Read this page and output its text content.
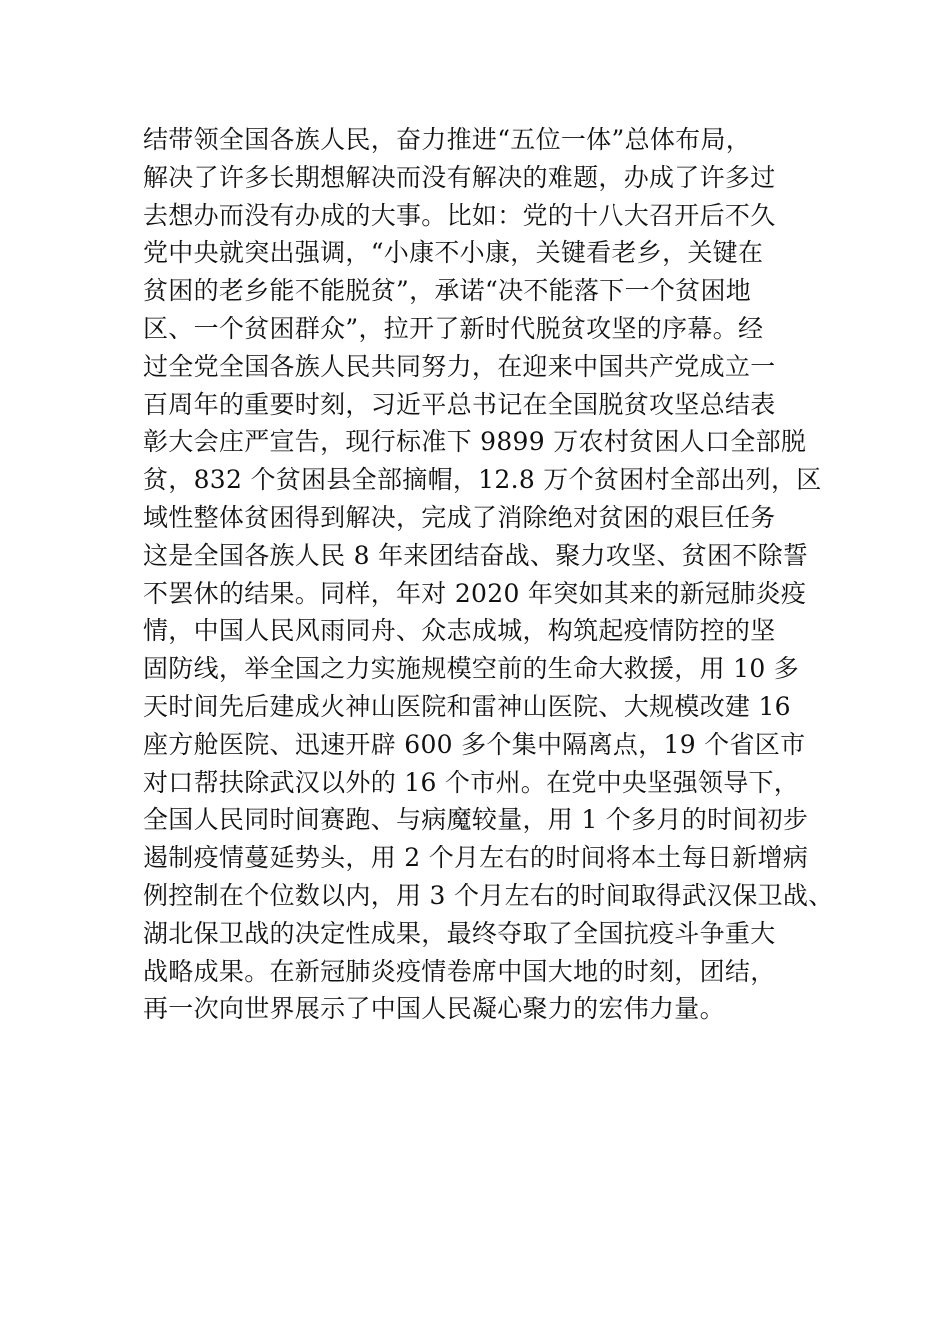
结带领全国各族人民，奋力推进“五位一体”总体布局，
解决了许多长期想解决而没有解决的难题，办成了许多过
去想办而没有办成的大事。比如：党的十八大召开后不久
党中央就突出强调，“小康不小康，关键看老乡，关键在
贫困的老乡能不能脱贫”，承诺“决不能落下一个贫困地
区、一个贫困群众”，拉开了新时代脱贫攻坚的序幕。经
过全党全国各族人民共同努力，在迎来中国共产党成立一
百周年的重要时刻，习近平总书记在全国脱贫攻坚总结表
彰大会庄严宣告，现行标准下 9899 万农村贫困人口全部脱
贫，832 个贫困县全部摘帽，12.8 万个贫困村全部出列，区
域性整体贫困得到解决，完成了消除绝对贫困的艰巨任务
这是全国各族人民 8 年来团结奋战、聚力攻坚、贫困不除誓
不罢休的结果。同样，年对 2020 年突如其来的新冠肺炎疫
情，中国人民风雨同舟、众志成城，构筑起疫情防控的坚
固防线，举全国之力实施规模空前的生命大救援，用 10 多
天时间先后建成火神山医院和雷神山医院、大规模改建 16
座方舱医院、迅速开辟 600 多个集中隔离点，19 个省区市
对口帮扶除武汉以外的 16 个市州。在党中央坚强领导下，
全国人民同时间赛跑、与病魔较量，用 1 个多月的时间初步
遏制疫情蔓延势头，用 2 个月左右的时间将本土每日新增病
例控制在个位数以内，用 3 个月左右的时间取得武汉保卫战、
湖北保卫战的决定性成果，最终夺取了全国抗疫斗争重大
战略成果。在新冠肺炎疫情卷席中国大地的时刻，团结，
再一次向世界展示了中国人民凝心聚力的宏伟力量。
